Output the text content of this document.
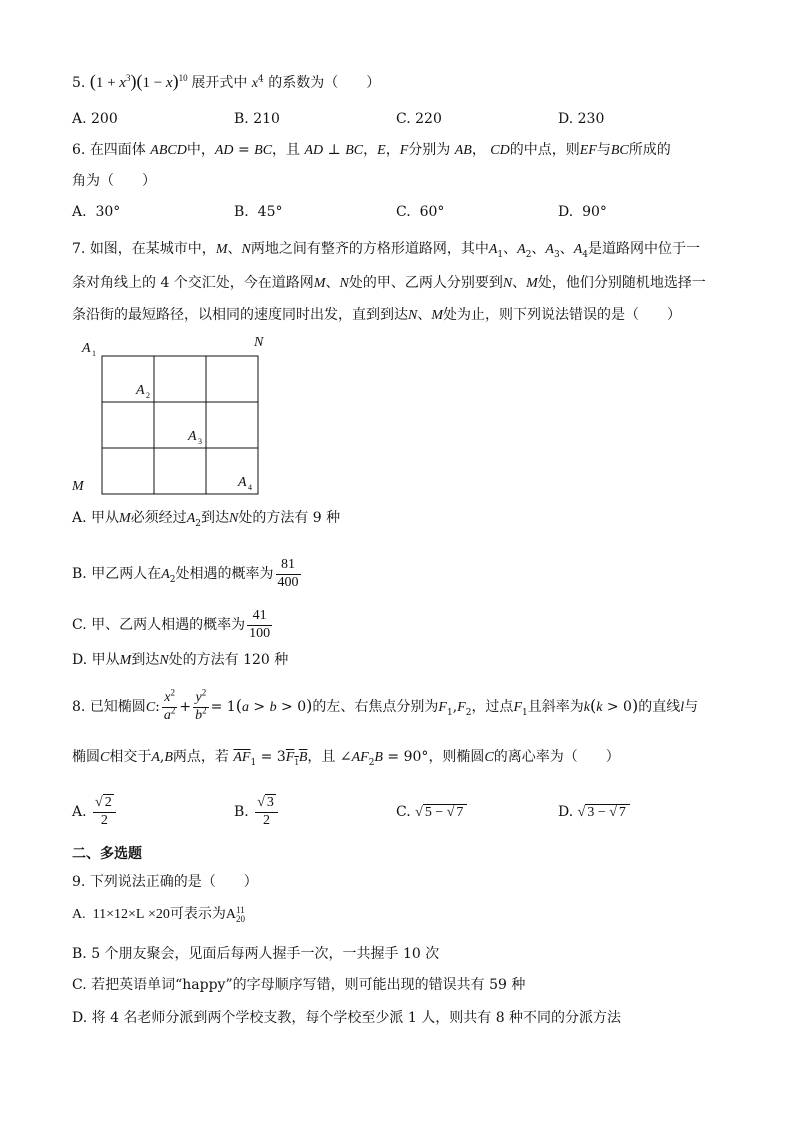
5. $(1 + x^3)(1 - x)^{10}$ 展开式中 $x^4$ 的系数为（　　）
A. 200	B. 210	C. 220	D. 230
6. 在四面体 ABCD中，AD = BC，且 AD ⊥ BC，E，F分别为 AB， CD的中点，则EF与BC所成的
角为（　　）
A. 30°	B. 45°	C. 60°	D. 90°
7. 如图，在某城市中，M、N两地之间有整齐的方格形道路网，其中$A_1$、$A_2$、$A_3$、$A_4$是道路网中位于一
条对角线上的 4 个交汇处，今在道路网M、N处的甲、乙两人分别要到N、M处，他们分别随机地选择一
条沿街的最短路径，以相同的速度同时出发，直到到达N、M处为止，则下列说法错误的是（　　）
A 1
N
A 2
A 3
M	A 4
A. 甲从M必须经过$A_2$到达N处的方法有 9 种
B. 甲乙两人在$A_2$处相遇的概率为 $\frac{81}{400}$
C. 甲、乙两人相遇的概率为 $\frac{41}{100}$
D. 甲从M到达N处的方法有 120 种
8. 已知椭圆C: $\frac{x^2}{a^2} + \frac{y^2}{b^2} = 1(a > b > 0)$的左、右焦点分别为$F_1,F_2$，过点$F_1$且斜率为k(k > 0)的直线l与
椭圆C相交于A,B两点，若 $\overline{AF}_1 = 3F_1B$，且 $\angle AF_2B = 90^\circ$，则椭圆C的离心率为（　　）
A. $\frac{√ 2}{2}$	B. $\frac{√ 3}{2}$	C. √ 5 − √ 7	D. √ 3 − √ 7
二、多选题
9. 下列说法正确的是（　　）
A.  11×12×L ×20可表示为A 11
20
B. 5 个朋友聚会，见面后每两人握手一次，一共握手 10 次
C. 若把英语单词“happy”的字母顺序写错，则可能出现的错误共有 59 种
D. 将 4 名老师分派到两个学校支教，每个学校至少派 1 人，则共有 8 种不同的分派方法
